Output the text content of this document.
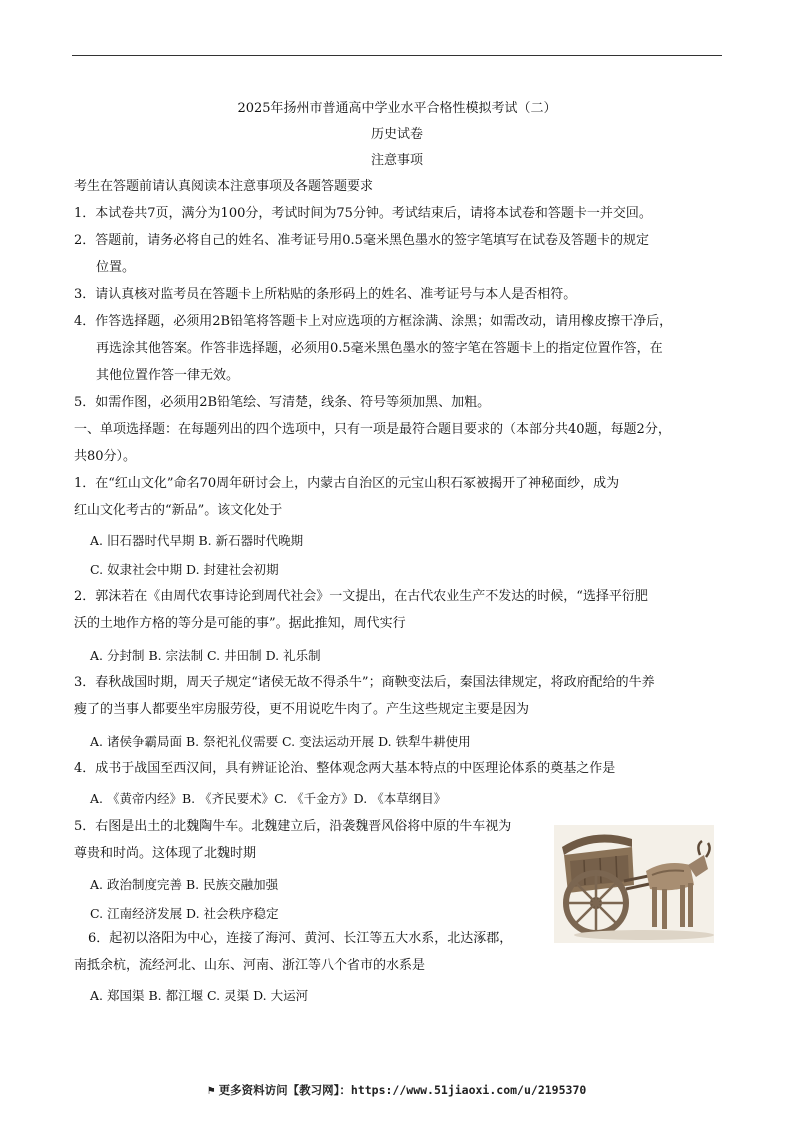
2025年扬州市普通高中学业水平合格性模拟考试（二）
历史试卷
注意事项
考生在答题前请认真阅读本注意事项及各题答题要求
1．本试卷共7页，满分为100分，考试时间为75分钟。考试结束后，请将本试卷和答题卡一并交回。
2．答题前，请务必将自己的姓名、准考证号用0.5毫米黑色墨水的签字笔填写在试卷及答题卡的规定
位置。
3．请认真核对监考员在答题卡上所粘贴的条形码上的姓名、准考证号与本人是否相符。
4．作答选择题，必须用2B铅笔将答题卡上对应选项的方框涂满、涂黑；如需改动，请用橡皮擦干净后，
再选涂其他答案。作答非选择题，必须用0.5毫米黑色墨水的签字笔在答题卡上的指定位置作答，在
其他位置作答一律无效。
5．如需作图，必须用2B铅笔绘、写清楚，线条、符号等须加黑、加粗。
一、单项选择题：在每题列出的四个选项中，只有一项是最符合题目要求的（本部分共40题，每题2分，
共80分）。
1．在“红山文化”命名70周年研讨会上，内蒙古自治区的元宝山积石冢被揭开了神秘面纱，成为
红山文化考古的“新品”。该文化处于
A. 旧石器时代早期 B. 新石器时代晚期
C. 奴隶社会中期 D. 封建社会初期
2．郭沫若在《由周代农事诗论到周代社会》一文提出，在古代农业生产不发达的时候，“选择平衍肥
沃的土地作方格的等分是可能的事”。据此推知，周代实行
A. 分封制 B. 宗法制 C. 井田制 D. 礼乐制
3．春秋战国时期，周天子规定“诸侯无故不得杀牛”；商鞅变法后，秦国法律规定，将政府配给的牛养
瘦了的当事人都要坐牢房服劳役，更不用说吃牛肉了。产生这些规定主要是因为
A. 诸侯争霸局面 B. 祭祀礼仪需要 C. 变法运动开展 D. 铁犁牛耕使用
4．成书于战国至西汉间，具有辨证论治、整体观念两大基本特点的中医理论体系的奠基之作是
A. 《黄帝内经》B. 《齐民要术》C. 《千金方》D. 《本草纲目》
5．右图是出土的北魏陶牛车。北魏建立后，沿袭魏晋风俗将中原的牛车视为
尊贵和时尚。这体现了北魏时期
A. 政治制度完善 B. 民族交融加强
C. 江南经济发展 D. 社会秩序稳定
6．起初以洛阳为中心，连接了海河、黄河、长江等五大水系，北达涿郡，
南抵余杭，流经河北、山东、河南、浙江等八个省市的水系是
A. 郑国渠 B. 都江堰 C. 灵渠 D. 大运河
⚑ 更多资料访问【教习网】：https://www.51jiaoxi.com/u/2195370
